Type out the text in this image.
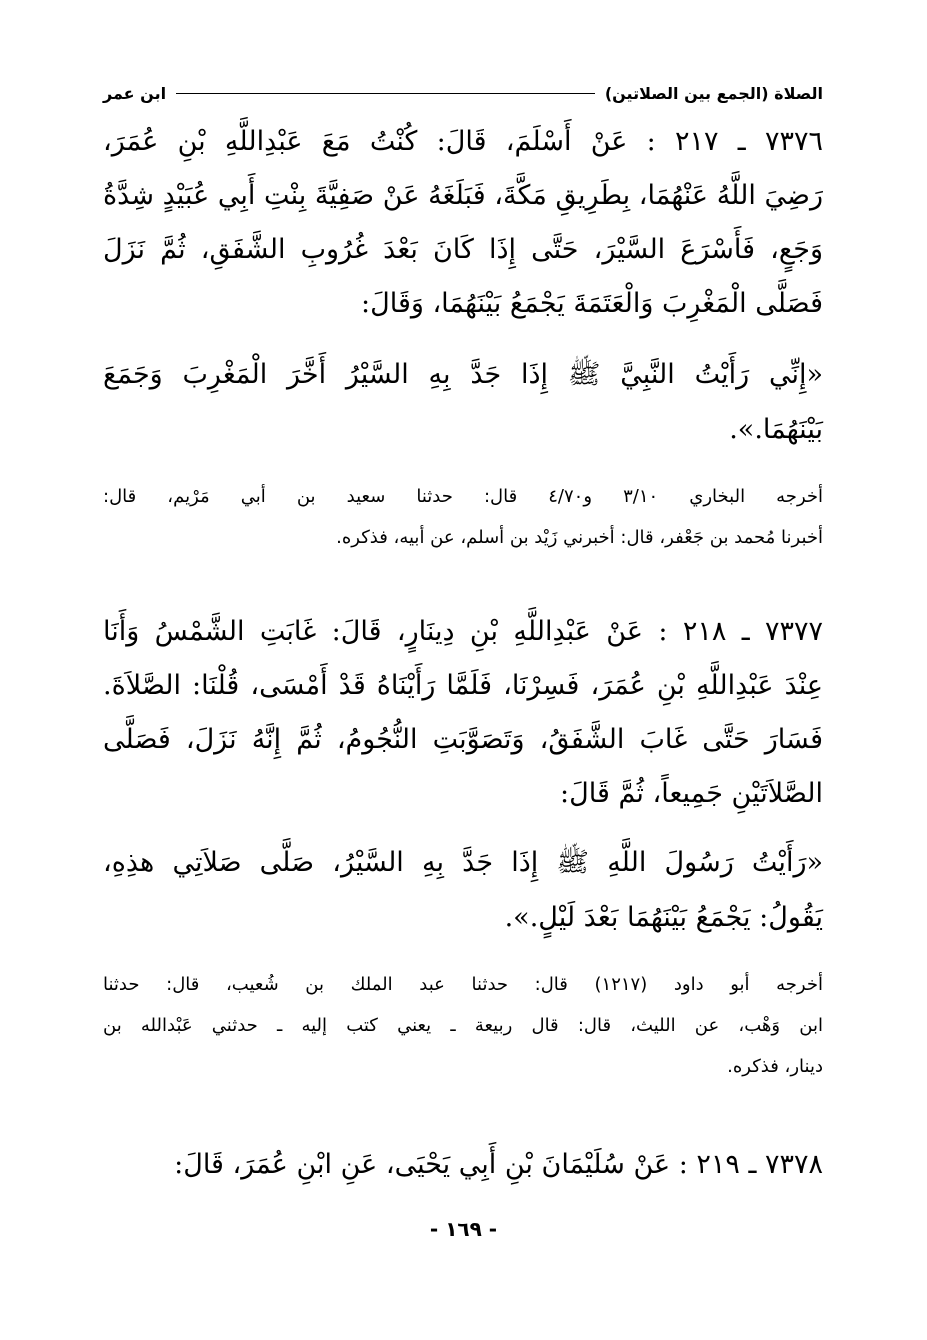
الصلاة (الجمع بين الصلاتين)
ابن عمر

٧٣٧٦ ـ ٢١٧ : عَنْ أَسْلَمَ، قَالَ: كُنْتُ مَعَ عَبْدِاللَّهِ بْنِ عُمَرَ،

رَضِيَ اللَّهُ عَنْهُمَا، بِطَرِيقِ مَكَّةَ، فَبَلَغَهُ عَنْ صَفِيَّةَ بِنْتِ أَبِي عُبَيْدٍ شِدَّةُ

وَجَعٍ، فَأَسْرَعَ السَّيْرَ، حَتَّى إِذَا كَانَ بَعْدَ غُرُوبِ الشَّفَقِ، ثُمَّ نَزَلَ

فَصَلَّى الْمَغْرِبَ وَالْعَتَمَةَ يَجْمَعُ بَيْنَهُمَا، وَقَالَ:

«إِنِّي رَأَيْتُ النَّبِيَّ ﷺ إِذَا جَدَّ بِهِ السَّيْرُ أَخَّرَ الْمَغْرِبَ وَجَمَعَ

بَيْنَهُمَا.».

أخرجه البخاري ٣/١٠ و٤/٧٠ قال: حدثنا سعيد بن أبي مَرْيم، قال:

أخبرنا مُحمد بن جَعْفر، قال: أخبرني زَيْد بن أسلم، عن أبيه، فذكره.

٧٣٧٧ ـ ٢١٨ : عَنْ عَبْدِاللَّهِ بْنِ دِينَارٍ، قَالَ: غَابَتِ الشَّمْسُ وَأَنَا

عِنْدَ عَبْدِاللَّهِ بْنِ عُمَرَ، فَسِرْنَا، فَلَمَّا رَأَيْنَاهُ قَدْ أَمْسَى، قُلْنَا: الصَّلاَةَ.

فَسَارَ حَتَّى غَابَ الشَّفَقُ، وَتَصَوَّبَتِ النُّجُومُ، ثُمَّ إِنَّهُ نَزَلَ، فَصَلَّى

الصَّلاَتَيْنِ جَمِيعاً، ثُمَّ قَالَ:

«رَأَيْتُ رَسُولَ اللَّهِ ﷺ إِذَا جَدَّ بِهِ السَّيْرُ، صَلَّى صَلاَتِي هذِهِ،

يَقُولُ: يَجْمَعُ بَيْنَهُمَا بَعْدَ لَيْلٍ.».

أخرجه أبو داود (١٢١٧) قال: حدثنا عبد الملك بن شُعيب، قال: حدثنا

ابن وَهْب، عن الليث، قال: قال ربيعة ـ يعني كتب إليه ـ حدثني عَبْدالله بن

دينار، فذكره.

٧٣٧٨ ـ ٢١٩ : عَنْ سُلَيْمَانَ بْنِ أَبِي يَحْيَى، عَنِ ابْنِ عُمَرَ، قَالَ:

- ١٦٩ -
